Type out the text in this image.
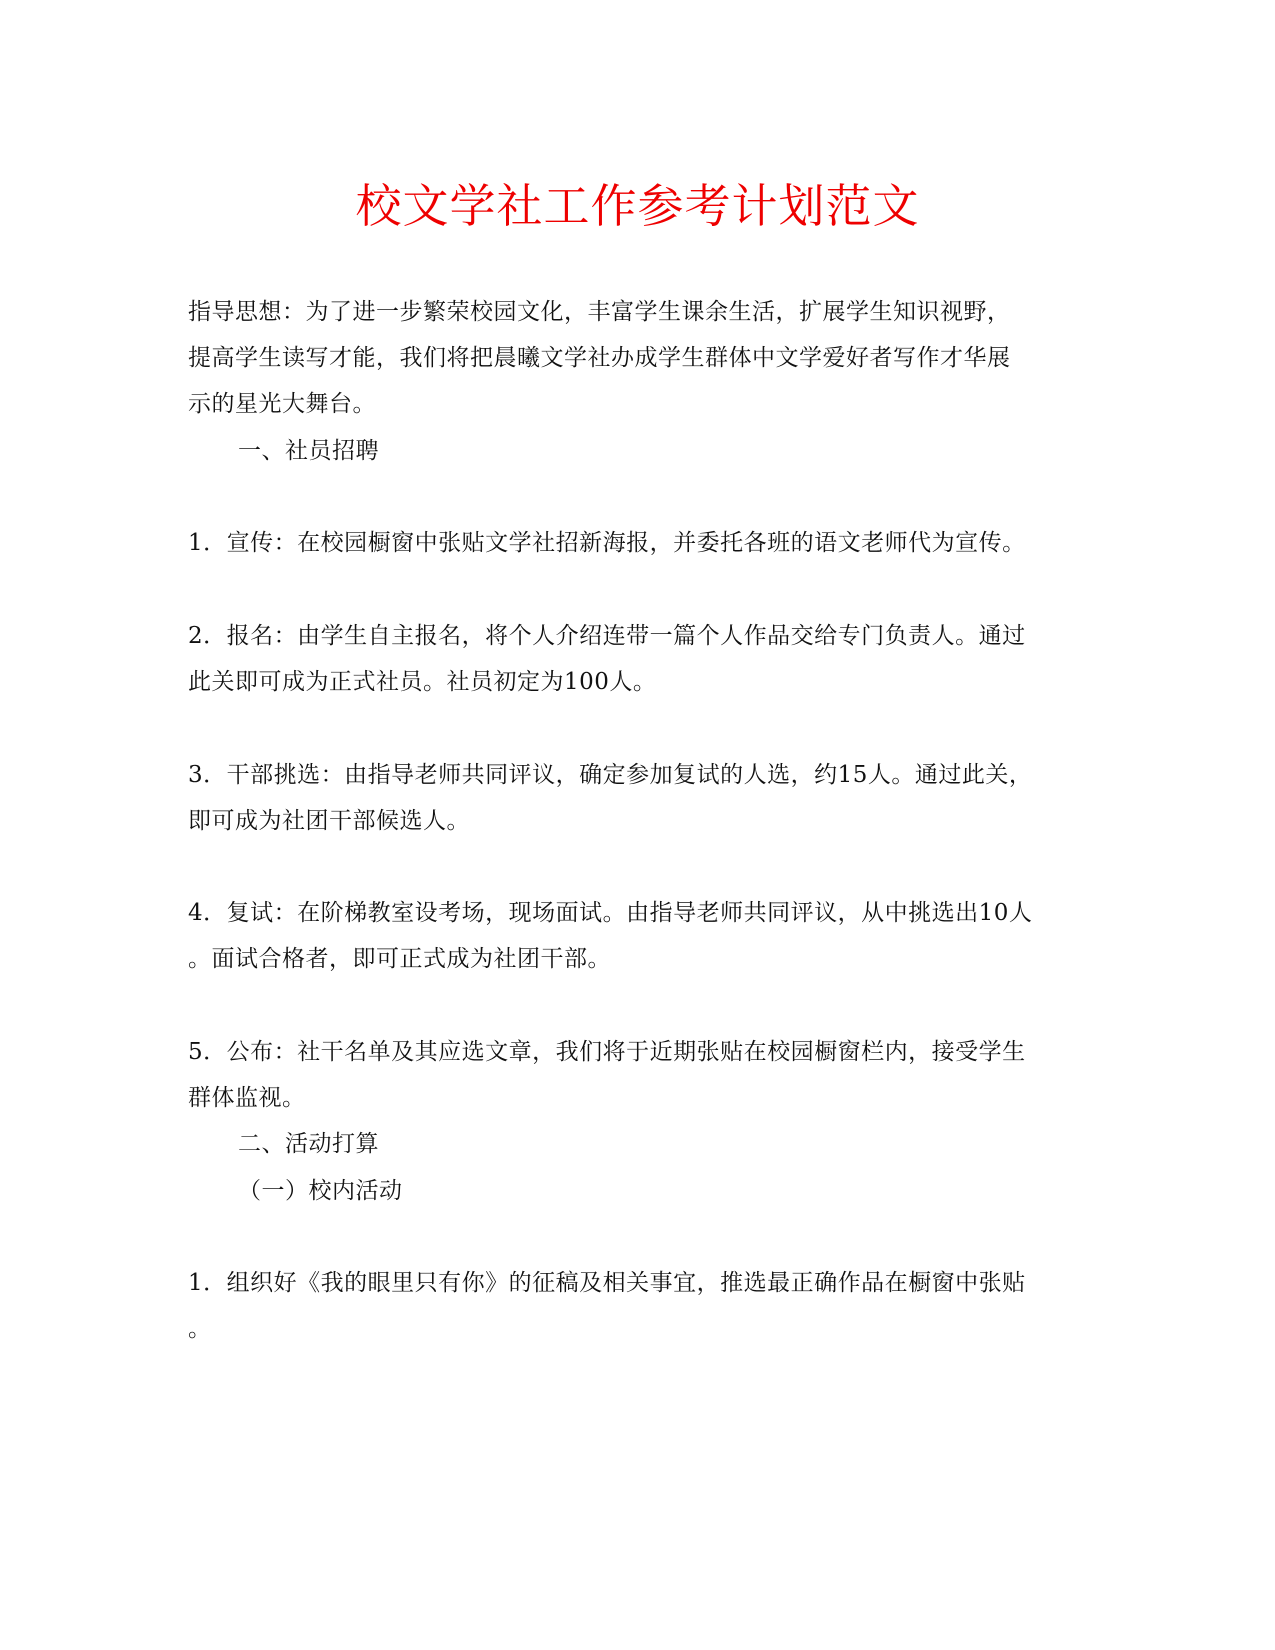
校文学社工作参考计划范文
指导思想：为了进一步繁荣校园文化，丰富学生课余生活，扩展学生知识视野，
提高学生读写才能，我们将把晨曦文学社办成学生群体中文学爱好者写作才华展
示的星光大舞台。
一、社员招聘
1．宣传：在校园橱窗中张贴文学社招新海报，并委托各班的语文老师代为宣传。
2．报名：由学生自主报名，将个人介绍连带一篇个人作品交给专门负责人。通过
此关即可成为正式社员。社员初定为100人。
3．干部挑选：由指导老师共同评议，确定参加复试的人选，约15人。通过此关，
即可成为社团干部候选人。
4．复试：在阶梯教室设考场，现场面试。由指导老师共同评议，从中挑选出10人
。面试合格者，即可正式成为社团干部。
5．公布：社干名单及其应选文章，我们将于近期张贴在校园橱窗栏内，接受学生
群体监视。
二、活动打算
（一）校内活动
1．组织好《我的眼里只有你》的征稿及相关事宜，推选最正确作品在橱窗中张贴
。
